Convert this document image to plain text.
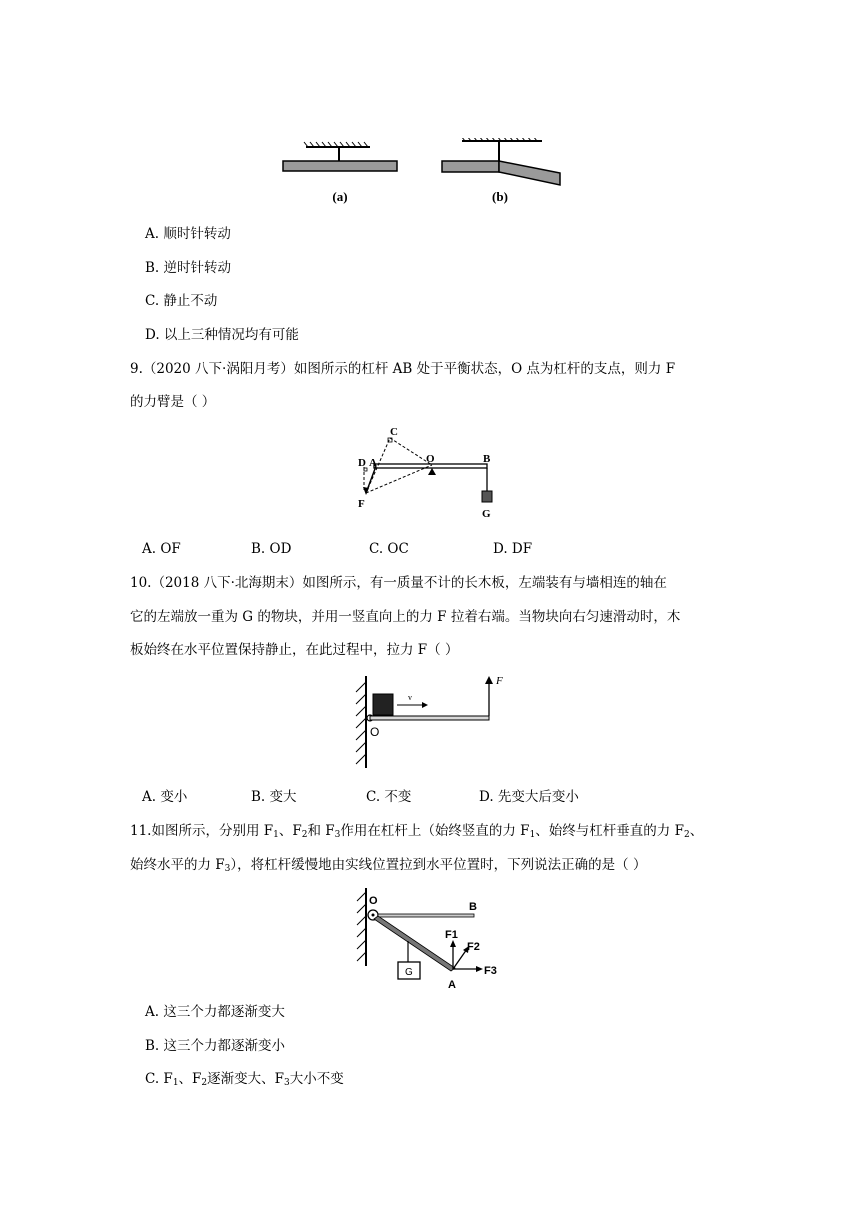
(a)	(b)
A. 顺时针转动
B. 逆时针转动
C. 静止不动
D. 以上三种情况均有可能
9.（2020 八下·涡阳月考）如图所示的杠杆 AB 处于平衡状态，O 点为杠杆的支点，则力 F
的力臂是（ ）
C
D A	O	B
F
G
A. OF	B. OD	C. OC	D. DF
10.（2018 八下·北海期末）如图所示，有一质量不计的长木板，左端装有与墙相连的轴在
它的左端放一重为 G 的物块，并用一竖直向上的力 F 拉着右端。当物块向右匀速滑动时，木
板始终在水平位置保持静止，在此过程中，拉力 F（ ）
v
F
O
A. 变小	B. 变大	C. 不变	D. 先变大后变小
11.如图所示，分别用 $F_1$、$F_2$和 $F_3$作用在杠杆上（始终竖直的力 $F_1$、始终与杠杆垂直的力 $F_2$、
始终水平的力 $F_3$），将杠杆缓慢地由实线位置拉到水平位置时，下列说法正确的是（ ）
G
O	B
F1
F2
F3
A
A. 这三个力都逐渐变大
B. 这三个力都逐渐变小
C. $F_1$、$F_2$逐渐变大、$F_3$大小不变
